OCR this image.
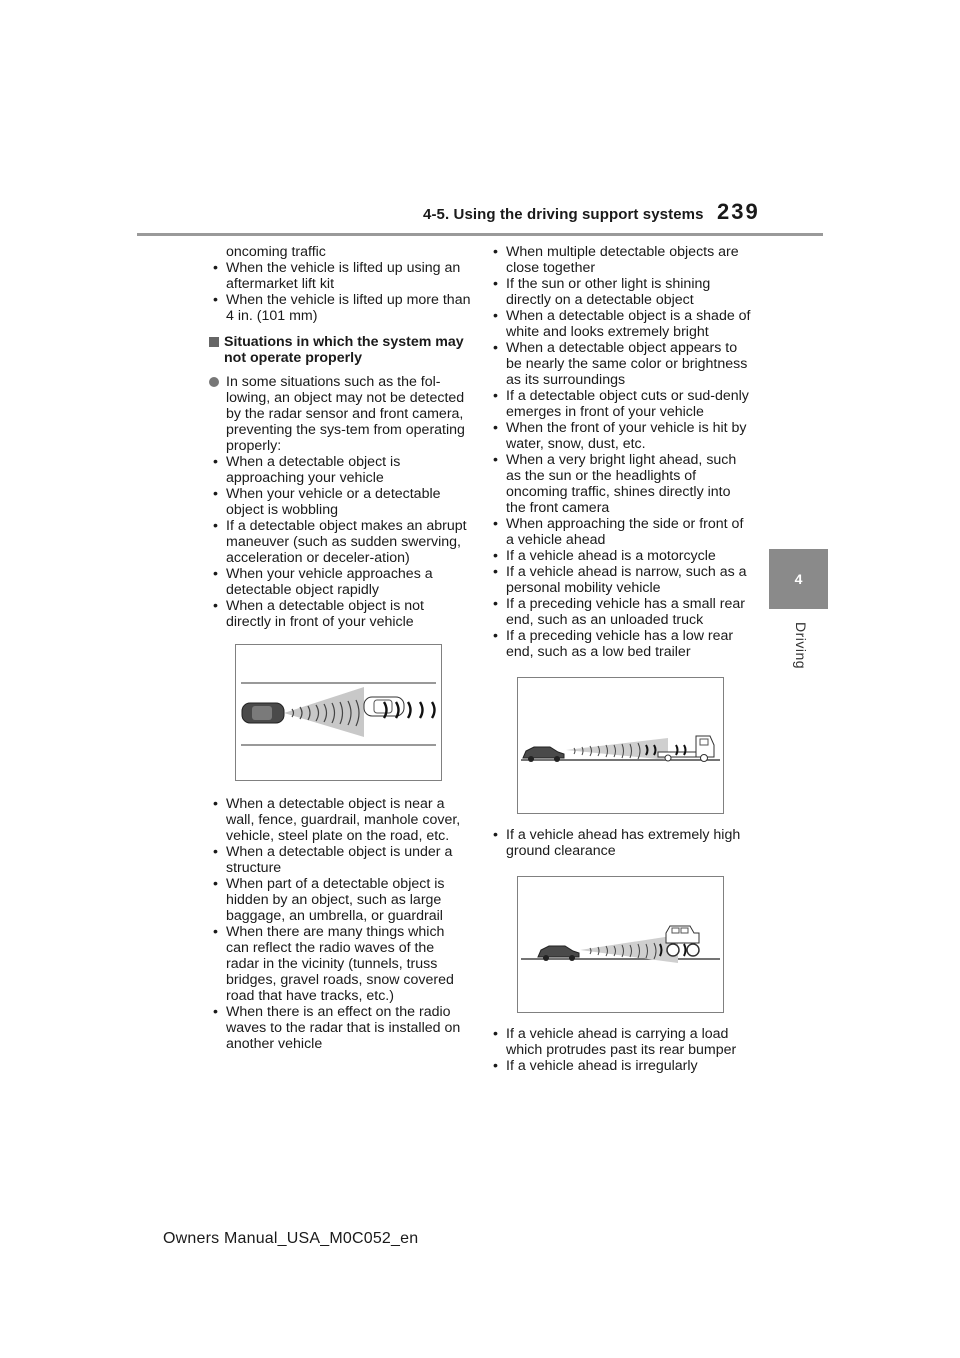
4-5. Using the driving support systems 239
4
Driving
oncoming traffic
• When the vehicle is lifted up using an aftermarket lift kit
• When the vehicle is lifted up more than 4 in. (101 mm)
Situations in which the system may not operate properly
In some situations such as the fol-lowing, an object may not be detected by the radar sensor and front camera, preventing the sys-tem from operating properly:
• When a detectable object is approaching your vehicle
• When your vehicle or a detectable object is wobbling
• If a detectable object makes an abrupt maneuver (such as sudden swerving, acceleration or deceler-ation)
• When your vehicle approaches a detectable object rapidly
• When a detectable object is not directly in front of your vehicle
• When a detectable object is near a wall, fence, guardrail, manhole cover, vehicle, steel plate on the road, etc.
• When a detectable object is under a structure
• When part of a detectable object is hidden by an object, such as large baggage, an umbrella, or guardrail
• When there are many things which can reflect the radio waves of the radar in the vicinity (tunnels, truss bridges, gravel roads, snow covered road that have tracks, etc.)
• When there is an effect on the radio waves to the radar that is installed on another vehicle
• When multiple detectable objects are close together
• If the sun or other light is shining directly on a detectable object
• When a detectable object is a shade of white and looks extremely bright
• When a detectable object appears to be nearly the same color or brightness as its surroundings
• If a detectable object cuts or sud-denly emerges in front of your vehicle
• When the front of your vehicle is hit by water, snow, dust, etc.
• When a very bright light ahead, such as the sun or the headlights of oncoming traffic, shines directly into the front camera
• When approaching the side or front of a vehicle ahead
• If a vehicle ahead is a motorcycle
• If a vehicle ahead is narrow, such as a personal mobility vehicle
• If a preceding vehicle has a small rear end, such as an unloaded truck
• If a preceding vehicle has a low rear end, such as a low bed trailer
• If a vehicle ahead has extremely high ground clearance
• If a vehicle ahead is carrying a load which protrudes past its rear bumper
• If a vehicle ahead is irregularly
Owners Manual_USA_M0C052_en
